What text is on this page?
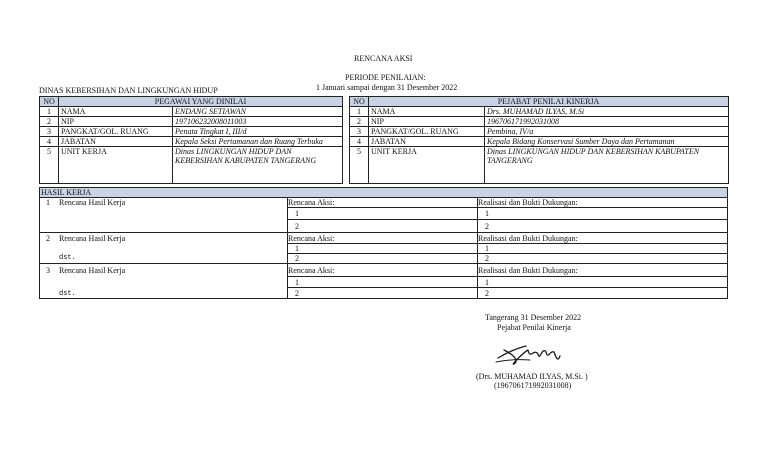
RENCANA AKSI
PERIODE PENILAIAN:
1 Januari sampai dengan 31 Desember 2022
DINAS KEBERSIHAN DAN LINGKUNGAN HIDUP
NO	PEGAWAI YANG DINILAI			NO	PEJABAT PENILAI KINERJA	
1	NAMA	ENDANG SETIAWAN		1	NAMA	Drs. MUHAMAD ILYAS, M.Si
2	NIP	197106232008011003		2	NIP	196706171992031008
3	PANGKAT/GOL. RUANG	Penata Tingkat I, III/d		3	PANGKAT/GOL. RUANG	Pembina, IV/a
4	JABATAN	Kepala Seksi Pertamanan dan Ruang Terbuka		4	JABATAN	Kepala Bidang Konservasi Sumber Daya dan Pertamanan
5	UNIT KERJA	Dinas LINGKUNGAN HIDUP DAN KEBERSIHAN KABUPATEN TANGERANG		5	UNIT KERJA	Dinas LINGKUNGAN HIDUP DAN KEBERSIHAN KABUPATEN TANGERANG
HASIL KERJA
1 Rencana Hasil Kerja	Rencana Aksi:	Realisasi dan Bukti Dukungan:
1	1
2	2
2 Rencana Hasil Kerja	Rencana Aksi:	Realisasi dan Bukti Dukungan:
1	1
dst.	2	2
3 Rencana Hasil Kerja	Rencana Aksi:	Realisasi dan Bukti Dukungan:
1	1
dst.	2	2
Tangerang 31 Desember 2022
Pejabat Penilai Kinerja
(Drs. MUHAMAD ILYAS, M.Si. )
(196706171992031008)
